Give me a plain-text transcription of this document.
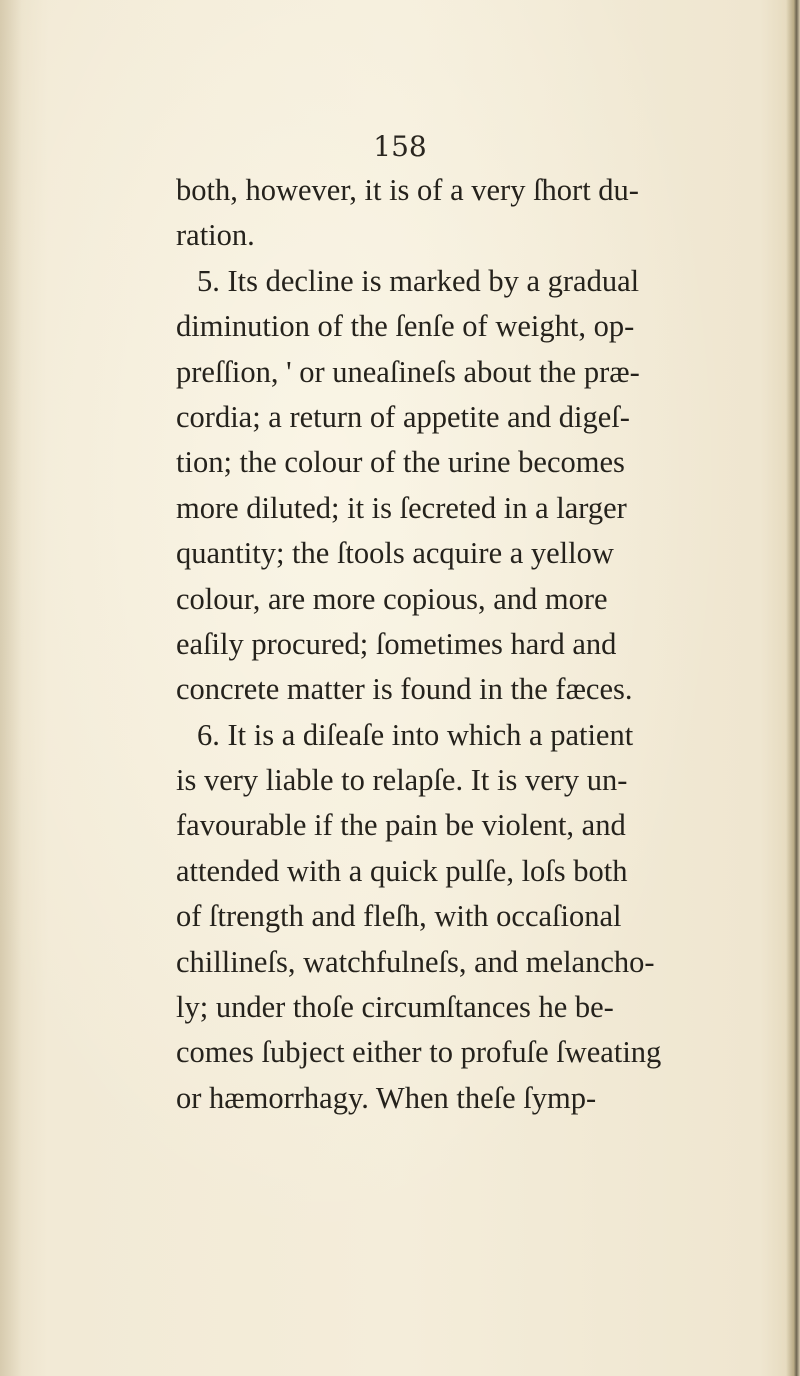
158
both, however, it is of a very ſhort du-
ration.
5. Its decline is marked by a gradual
diminution of the ſenſe of weight, op-
preſſion, ' or uneaſineſs about the præ-
cordia; a return of appetite and digeſ-
tion; the colour of the urine becomes
more diluted; it is ſecreted in a larger
quantity; the ſtools acquire a yellow
colour, are more copious, and more
eaſily procured; ſometimes hard and
concrete matter is found in the fæces.
6. It is a diſeaſe into which a patient
is very liable to relapſe. It is very un-
favourable if the pain be violent, and
attended with a quick pulſe, loſs both
of ſtrength and fleſh, with occaſional
chillineſs, watchfulneſs, and melancho-
ly; under thoſe circumſtances he be-
comes ſubject either to profuſe ſweating
or hæmorrhagy. When theſe ſymp-
